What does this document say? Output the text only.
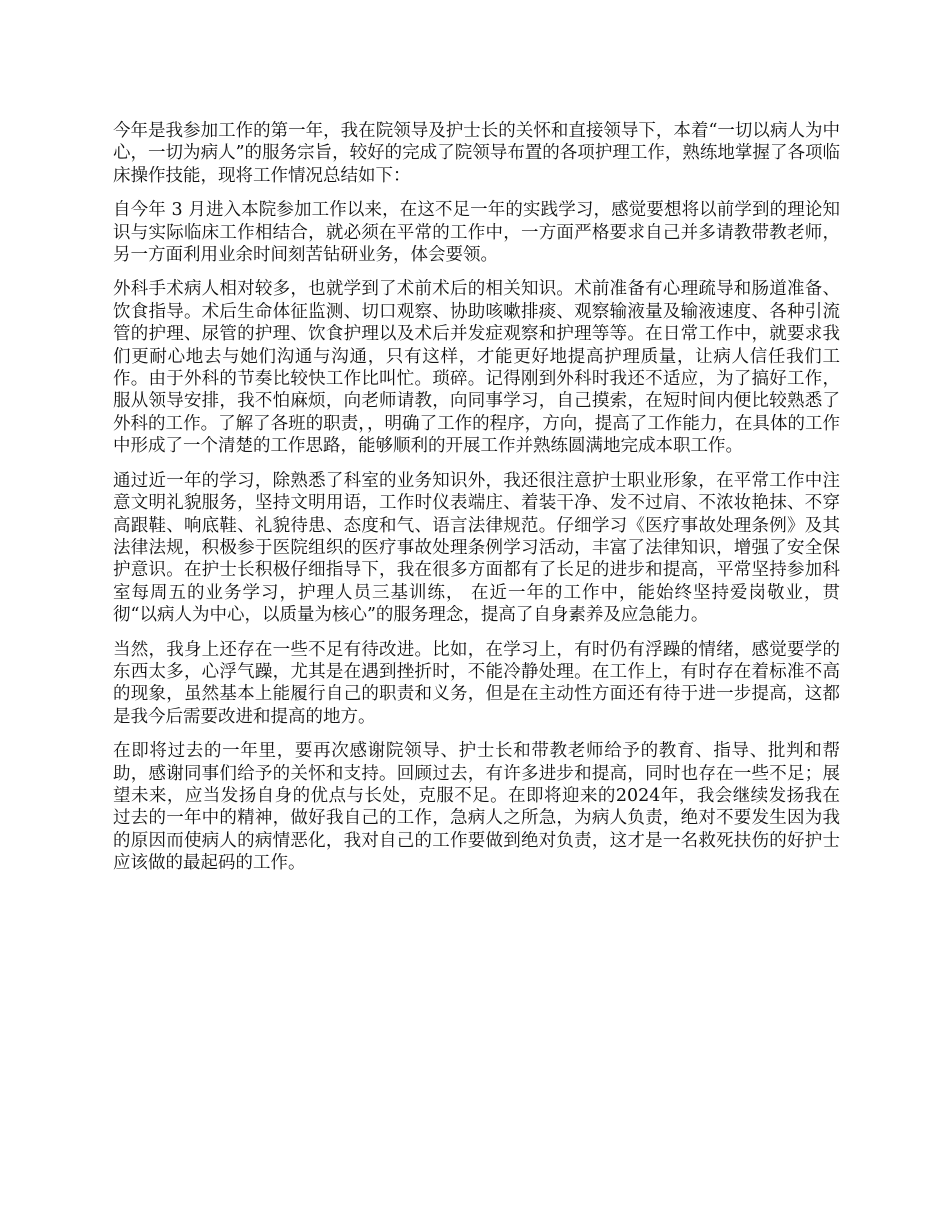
今年是我参加工作的第一年，我在院领导及护士长的关怀和直接领导下，本着“一切以病人为中心，一切为病人”的服务宗旨，较好的完成了院领导布置的各项护理工作，熟练地掌握了各项临床操作技能，现将工作情况总结如下：

自今年 3 月进入本院参加工作以来，在这不足一年的实践学习，感觉要想将以前学到的理论知识与实际临床工作相结合，就必须在平常的工作中，一方面严格要求自己并多请教带教老师，另一方面利用业余时间刻苦钻研业务，体会要领。

外科手术病人相对较多，也就学到了术前术后的相关知识。术前准备有心理疏导和肠道准备、饮食指导。术后生命体征监测、切口观察、协助咳嗽排痰、观察输液量及输液速度、各种引流管的护理、尿管的护理、饮食护理以及术后并发症观察和护理等等。在日常工作中，就要求我们更耐心地去与她们沟通与沟通，只有这样，才能更好地提高护理质量，让病人信任我们工作。由于外科的节奏比较快工作比叫忙。琐碎。记得刚到外科时我还不适应，为了搞好工作，服从领导安排，我不怕麻烦，向老师请教，向同事学习，自己摸索，在短时间内便比较熟悉了外科的工作。了解了各班的职责，，明确了工作的程序，方向，提高了工作能力，在具体的工作中形成了一个清楚的工作思路，能够顺利的开展工作并熟练圆满地完成本职工作。

通过近一年的学习，除熟悉了科室的业务知识外，我还很注意护士职业形象，在平常工作中注意文明礼貌服务，坚持文明用语，工作时仪表端庄、着装干净、发不过肩、不浓妆艳抹、不穿高跟鞋、响底鞋、礼貌待患、态度和气、语言法律规范。仔细学习《医疗事故处理条例》及其法律法规，积极参于医院组织的医疗事故处理条例学习活动，丰富了法律知识，增强了安全保护意识。在护士长积极仔细指导下，我在很多方面都有了长足的进步和提高，平常坚持参加科室每周五的业务学习，护理人员三基训练， 在近一年的工作中，能始终坚持爱岗敬业，贯彻“以病人为中心，以质量为核心”的服务理念，提高了自身素养及应急能力。

当然，我身上还存在一些不足有待改进。比如，在学习上，有时仍有浮躁的情绪，感觉要学的东西太多，心浮气躁，尤其是在遇到挫折时，不能冷静处理。在工作上，有时存在着标准不高的现象，虽然基本上能履行自己的职责和义务，但是在主动性方面还有待于进一步提高，这都是我今后需要改进和提高的地方。

在即将过去的一年里，要再次感谢院领导、护士长和带教老师给予的教育、指导、批判和帮助，感谢同事们给予的关怀和支持。回顾过去，有许多进步和提高，同时也存在一些不足；展望未来，应当发扬自身的优点与长处，克服不足。在即将迎来的2024年，我会继续发扬我在过去的一年中的精神，做好我自己的工作，急病人之所急，为病人负责，绝对不要发生因为我的原因而使病人的病情恶化，我对自己的工作要做到绝对负责，这才是一名救死扶伤的好护士应该做的最起码的工作。
